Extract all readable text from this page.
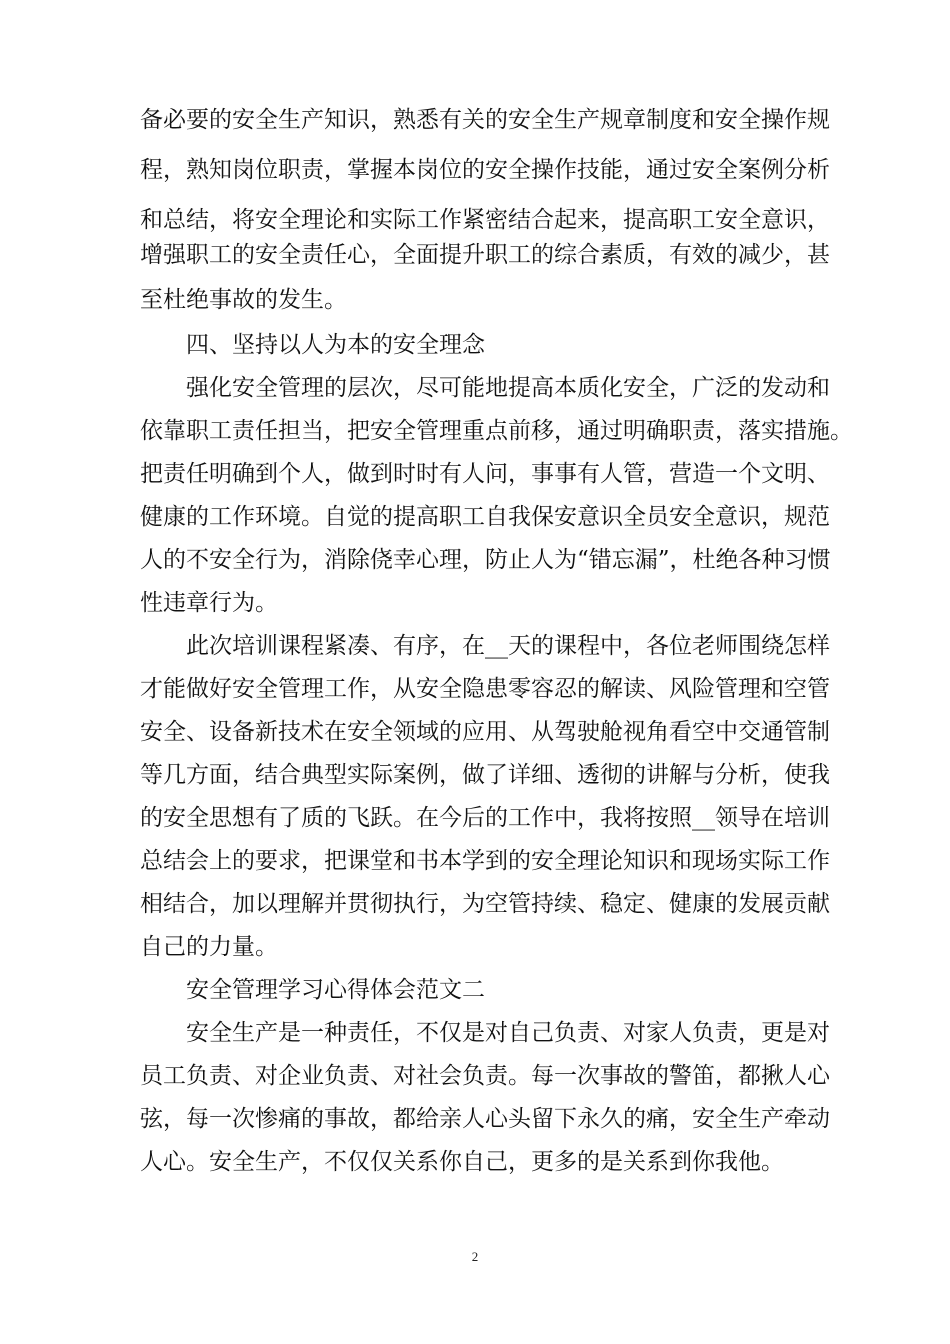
备必要的安全生产知识，熟悉有关的安全生产规章制度和安全操作规
程，熟知岗位职责，掌握本岗位的安全操作技能，通过安全案例分析
和总结，将安全理论和实际工作紧密结合起来，提高职工安全意识，
增强职工的安全责任心，全面提升职工的综合素质，有效的减少，甚
至杜绝事故的发生。
四、坚持以人为本的安全理念
强化安全管理的层次，尽可能地提高本质化安全，广泛的发动和
依靠职工责任担当，把安全管理重点前移，通过明确职责，落实措施。
把责任明确到个人，做到时时有人问，事事有人管，营造一个文明、
健康的工作环境。自觉的提高职工自我保安意识全员安全意识，规范
人的不安全行为，消除侥幸心理，防止人为“错忘漏”，杜绝各种习惯
性违章行为。
此次培训课程紧凑、有序，在__天的课程中，各位老师围绕怎样
才能做好安全管理工作，从安全隐患零容忍的解读、风险管理和空管
安全、设备新技术在安全领域的应用、从驾驶舱视角看空中交通管制
等几方面，结合典型实际案例，做了详细、透彻的讲解与分析，使我
的安全思想有了质的飞跃。在今后的工作中，我将按照__领导在培训
总结会上的要求，把课堂和书本学到的安全理论知识和现场实际工作
相结合，加以理解并贯彻执行，为空管持续、稳定、健康的发展贡献
自己的力量。
安全管理学习心得体会范文二
安全生产是一种责任，不仅是对自己负责、对家人负责，更是对
员工负责、对企业负责、对社会负责。每一次事故的警笛，都揪人心
弦，每一次惨痛的事故，都给亲人心头留下永久的痛，安全生产牵动
人心。安全生产，不仅仅关系你自己，更多的是关系到你我他。
2
